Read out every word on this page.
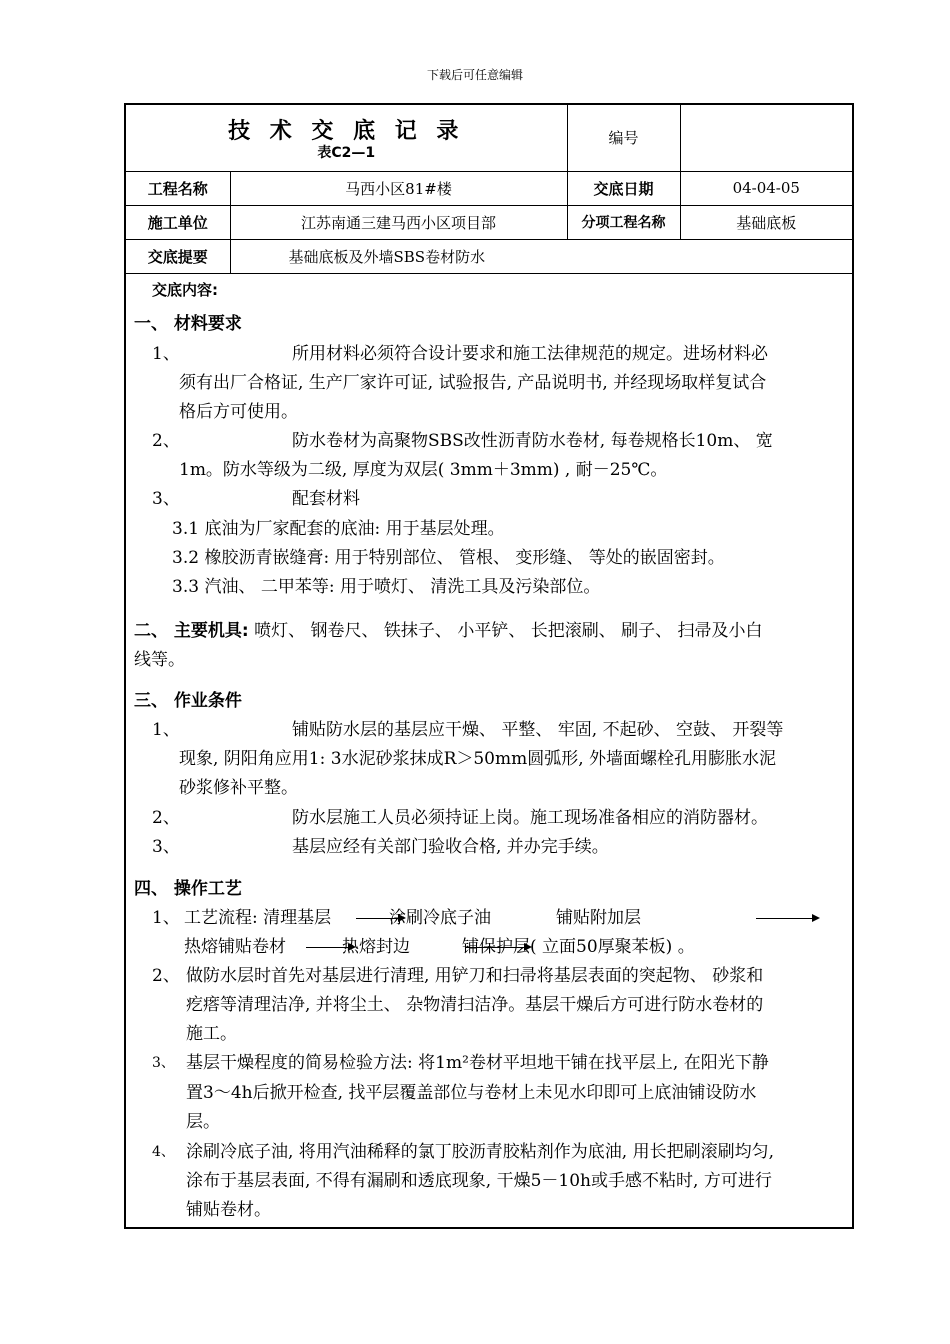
下载后可任意编辑
技 术 交 底 记 录
表C2—1		编号	
工程名称	马西小区81#楼	交底日期	04-04-05
施工单位	江苏南通三建马西小区项目部	分项工程名称	基础底板
交底提要	基础底板及外墙SBS卷材防水		
交底内容:
一、 材料要求
1、	所用材料必须符合设计要求和施工法律规范的规定。进场材料必
须有出厂合格证, 生产厂家许可证, 试验报告, 产品说明书, 并经现场取样复试合
格后方可使用。
2、	防水卷材为高聚物SBS改性沥青防水卷材, 每卷规格长10m、 宽
1m。防水等级为二级, 厚度为双层( 3mm＋3mm) , 耐－25℃。
3、	配套材料
3.1 底油为厂家配套的底油: 用于基层处理。
3.2 橡胶沥青嵌缝膏: 用于特别部位、 管根、 变形缝、 等处的嵌固密封。
3.3 汽油、 二甲苯等: 用于喷灯、 清洗工具及污染部位。
二、 主要机具: 喷灯、 钢卷尺、 铁抹子、 小平铲、 长把滚刷、 刷子、 扫帚及小白
线等。
三、 作业条件
1、	铺贴防水层的基层应干燥、 平整、 牢固, 不起砂、 空鼓、 开裂等
现象, 阴阳角应用1: 3水泥砂浆抹成R＞50mm圆弧形, 外墙面螺栓孔用膨胀水泥
砂浆修补平整。
2、	防水层施工人员必须持证上岗。施工现场准备相应的消防器材。
3、	基层应经有关部门验收合格, 并办完手续。
四、 操作工艺
1、 工艺流程: 清理基层	涂刷冷底子油	铺贴附加层
热熔铺贴卷材	热熔封边	铺保护层( 立面50厚聚苯板) 。
2、 做防水层时首先对基层进行清理, 用铲刀和扫帚将基层表面的突起物、 砂浆和
疙瘩等清理洁净, 并将尘土、 杂物清扫洁净。基层干燥后方可进行防水卷材的
施工。
3、 基层干燥程度的简易检验方法: 将1m²卷材平坦地干铺在找平层上, 在阳光下静
置3～4h后掀开检查, 找平层覆盖部位与卷材上未见水印即可上底油铺设防水
层。
4、 涂刷冷底子油, 将用汽油稀释的氯丁胶沥青胶粘剂作为底油, 用长把刷滚刷均匀,
涂布于基层表面, 不得有漏刷和透底现象, 干燥5－10h或手感不粘时, 方可进行
铺贴卷材。
